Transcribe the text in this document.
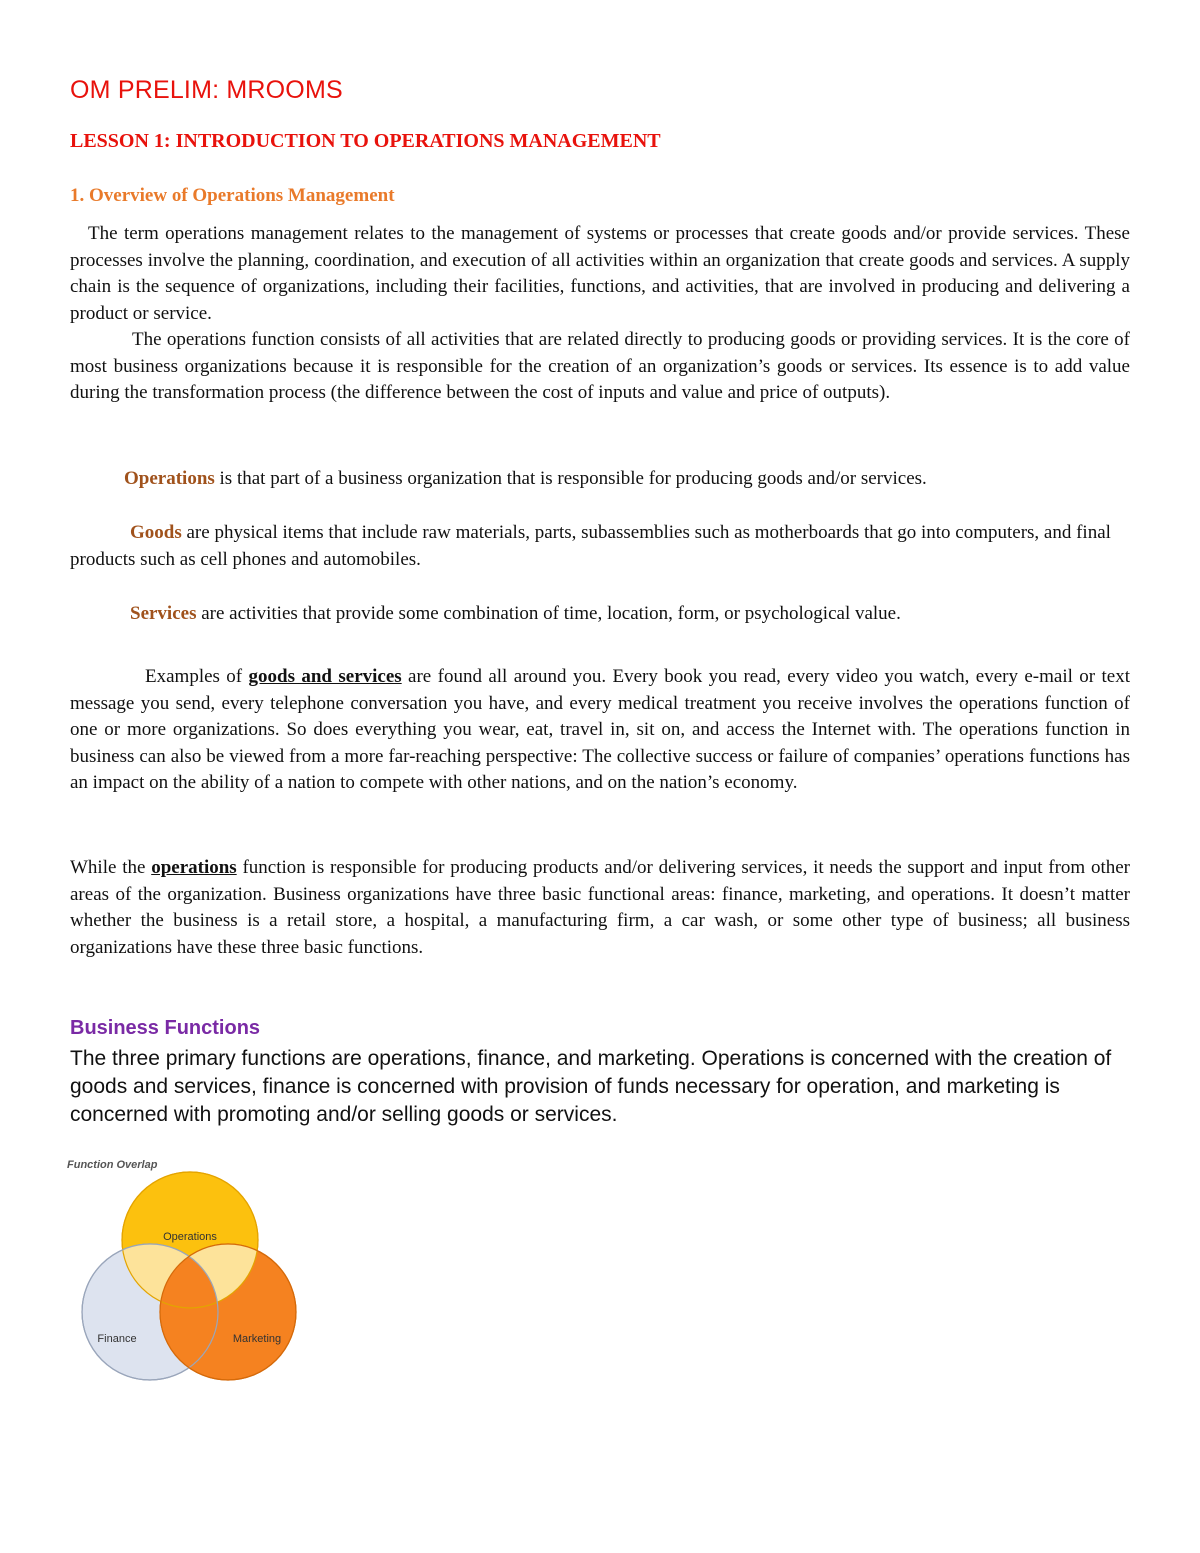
OM PRELIM: MROOMS
LESSON 1: INTRODUCTION TO OPERATIONS MANAGEMENT
1. Overview of Operations Management
The term operations management relates to the management of systems or processes that create goods and/or provide services. These processes involve the planning, coordination, and execution of all activities within an organization that create goods and services. A supply chain is the sequence of organizations, including their facilities, functions, and activities, that are involved in producing and delivering a product or service.
The operations function consists of all activities that are related directly to producing goods or providing services. It is the core of most business organizations because it is responsible for the creation of an organization’s goods or services. Its essence is to add value during the transformation process (the difference between the cost of inputs and value and price of outputs).
Operations is that part of a business organization that is responsible for producing goods and/or services.
Goods are physical items that include raw materials, parts, subassemblies such as motherboards that go into computers, and final products such as cell phones and automobiles.
Services are activities that provide some combination of time, location, form, or psychological value.
Examples of goods and services are found all around you. Every book you read, every video you watch, every e-mail or text message you send, every telephone conversation you have, and every medical treatment you receive involves the operations function of one or more organizations. So does everything you wear, eat, travel in, sit on, and access the Internet with. The operations function in business can also be viewed from a more far-reaching perspective: The collective success or failure of companies’ operations functions has an impact on the ability of a nation to compete with other nations, and on the nation’s economy.
While the operations function is responsible for producing products and/or delivering services, it needs the support and input from other areas of the organization. Business organizations have three basic functional areas: finance, marketing, and operations. It doesn’t matter whether the business is a retail store, a hospital, a manufacturing firm, a car wash, or some other type of business; all business organizations have these three basic functions.
Business Functions
The three primary functions are operations, finance, and marketing. Operations is concerned with the creation of goods and services, finance is concerned with provision of funds necessary for operation, and marketing is concerned with promoting and/or selling goods or services.
Function Overlap
Operations
Finance	Marketing
